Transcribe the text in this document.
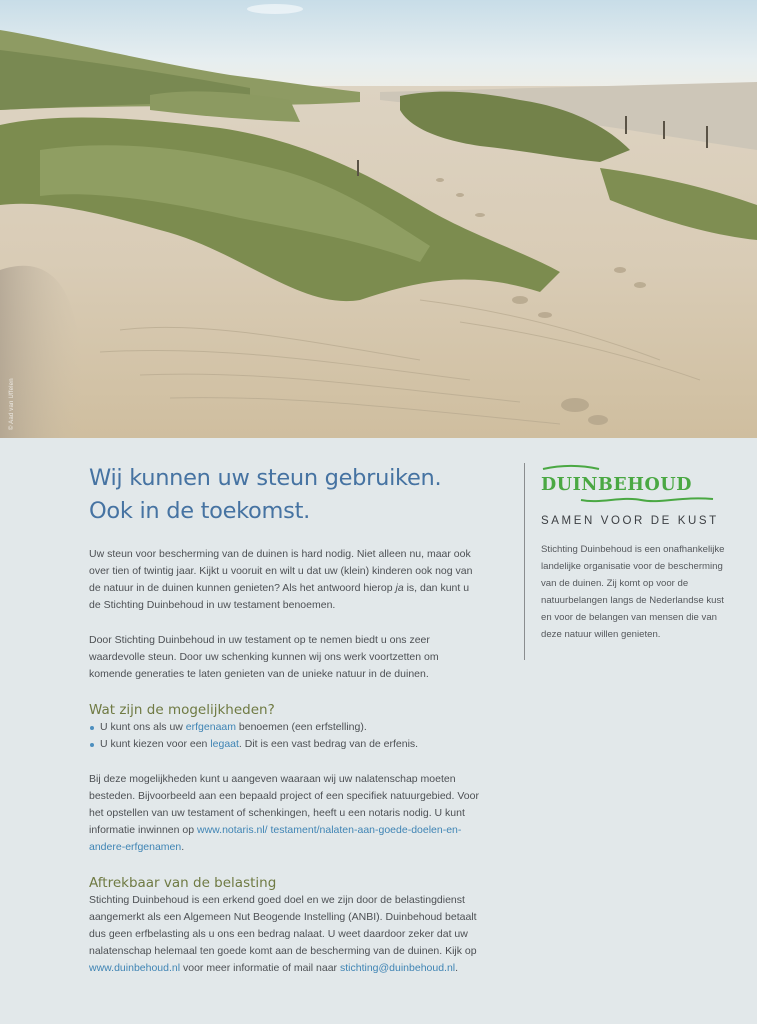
© Aad van Uffelen
Wij kunnen uw steun gebruiken.
Ook in de toekomst.

Uw steun voor bescherming van de duinen is hard nodig. Niet alleen nu, maar ook over tien of twintig jaar. Kijkt u vooruit en wilt u dat uw (klein) kinderen ook nog van de natuur in de duinen kunnen genieten? Als het antwoord hierop ja is, dan kunt u de Stichting Duinbehoud in uw testament benoemen.

Door Stichting Duinbehoud in uw testament op te nemen biedt u ons zeer waardevolle steun. Door uw schenking kunnen wij ons werk voortzetten om komende generaties te laten genieten van de unieke natuur in de duinen.

Wat zijn de mogelijkheden?
U kunt ons als uw erfgenaam benoemen (een erfstelling).
U kunt kiezen voor een legaat. Dit is een vast bedrag van de erfenis.

Bij deze mogelijkheden kunt u aangeven waaraan wij uw nalatenschap moeten besteden. Bijvoorbeeld aan een bepaald project of een specifiek natuurgebied. Voor het opstellen van uw testament of schenkingen, heeft u een notaris nodig. U kunt informatie inwinnen op www.notaris.nl/ testament/nalaten-aan-goede-doelen-en-andere-erfgenamen.

Aftrekbaar van de belasting

Stichting Duinbehoud is een erkend goed doel en we zijn door de belastingdienst aangemerkt als een Algemeen Nut Beogende Instelling (ANBI). Duinbehoud betaalt dus geen erfbelasting als u ons een bedrag nalaat. U weet daardoor zeker dat uw nalatenschap helemaal ten goede komt aan de bescherming van de duinen. Kijk op www.duinbehoud.nl voor meer informatie of mail naar stichting@duinbehoud.nl.

DUINBEHOUD
SAMEN VOOR DE KUST

Stichting Duinbehoud is een onafhankelijke landelijke organisatie voor de bescherming van de duinen. Zij komt op voor de natuurbelangen langs de Nederlandse kust en voor de belangen van mensen die van deze natuur willen genieten.
